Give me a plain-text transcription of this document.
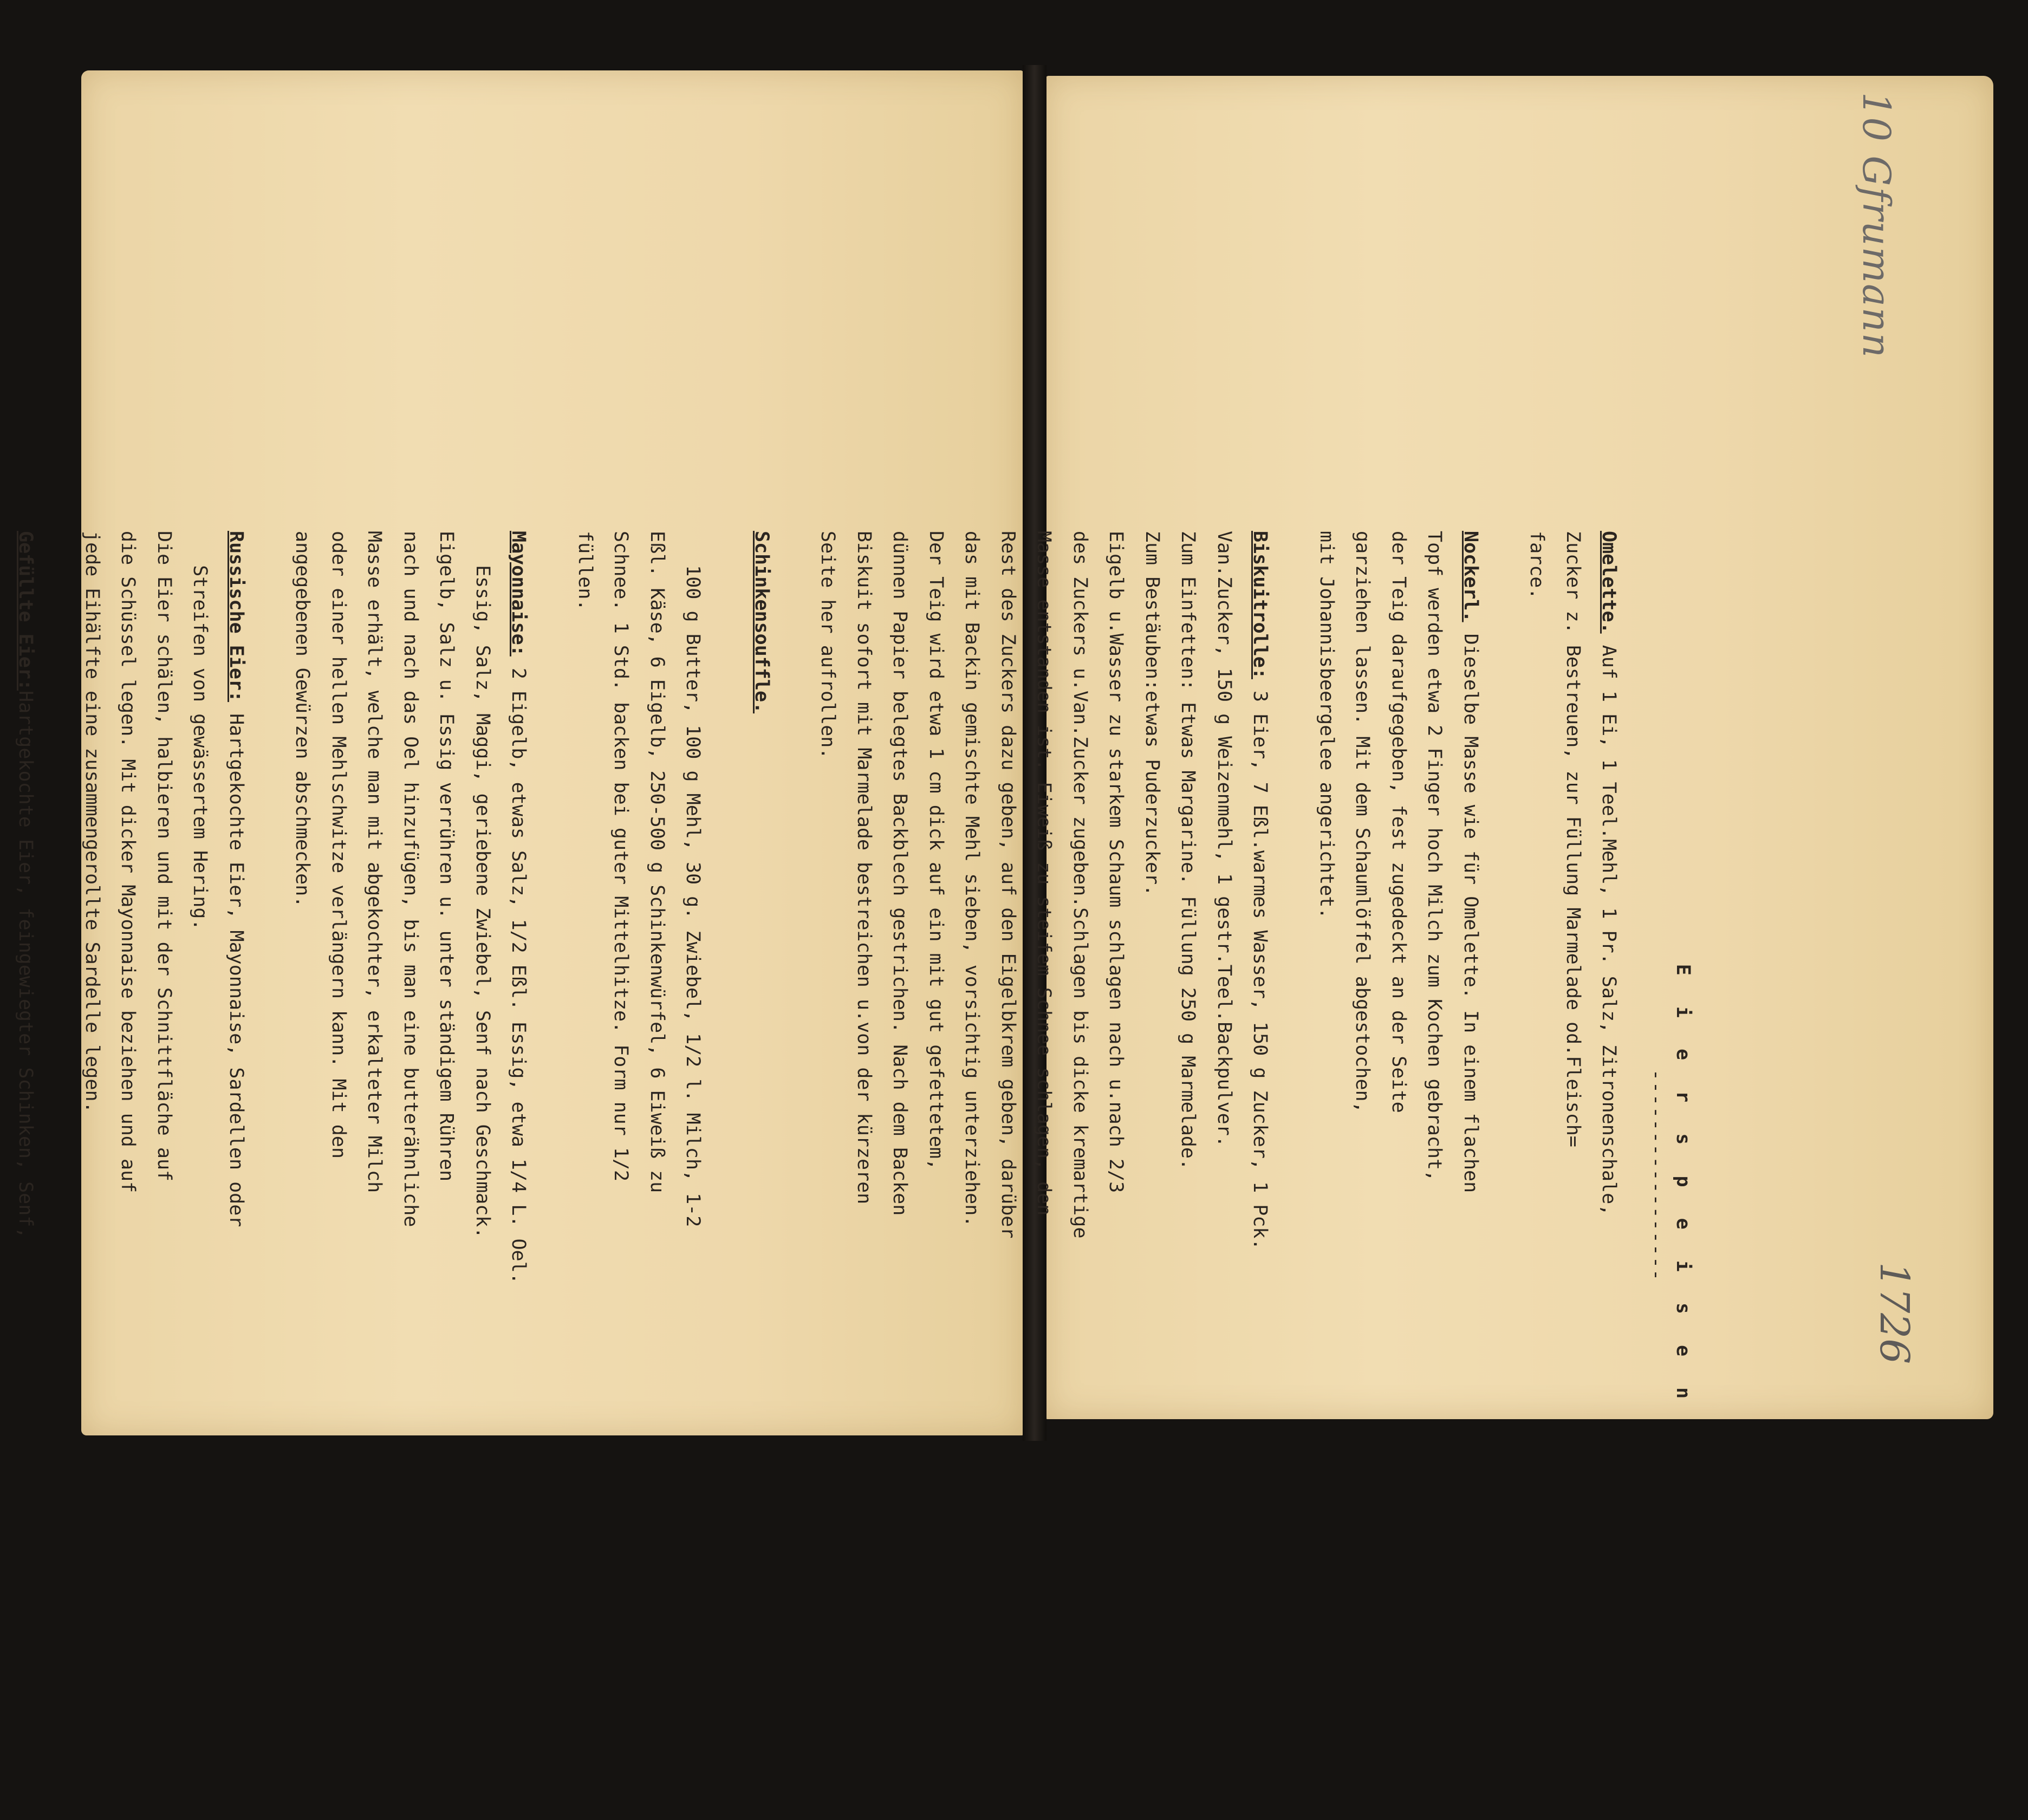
E i e r s p e i s e n

-----------------

Omelette. Auf 1 Ei, 1 Teel.Mehl, 1 Pr. Salz, Zitronenschale,
Zucker z. Bestreuen, zur Füllung Marmelade od.Fleisch=
farce.

Nockerl. Dieselbe Masse wie für Omelette. In einem flachen
Topf werden etwa 2 Finger hoch Milch zum Kochen gebracht,
der Teig daraufgegeben, fest zugedeckt an der Seite
garziehen lassen. Mit dem Schaumlöffel abgestochen,
mit Johannisbeergelee angerichtet.

Biskuitrolle: 3 Eier, 7 Eßl.warmes Wasser, 150 g Zucker, 1 Pck.
Van.Zucker, 150 g Weizenmehl, 1 gestr.Teel.Backpulver.
Zum Einfetten: Etwas Margarine. Füllung 250 g Marmelade.
Zum Bestäuben:etwas Puderzucker.
Eigelb u.Wasser zu starkem Schaum schlagen nach u.nach 2/3
des Zuckers u.Van.Zucker zugeben.Schlagen bis dicke kremartige
Masse entstanden ist. Eiweiß zu steifem Schnee schlagen, den
Rest des Zuckers dazu geben, auf den Eigelbkrem geben, darüber
das mit Backin gemischte Mehl sieben, vorsichtig unterziehen.
Der Teig wird etwa 1 cm dick auf ein mit gut gefettetem,
dünnen Papier belegtes Backblech gestrichen. Nach dem Backen
Biskuit sofort mit Marmelade bestreichen u.von der kürzeren
Seite her aufrollen.

Schinkensouffle.

100 g Butter, 100 g Mehl, 30 g. Zwiebel, 1/2 l. Milch, 1-2
Eßl. Käse, 6 Eigelb, 250-500 g Schinkenwürfel, 6 Eiweiß zu
Schnee. 1 Std. backen bei guter Mittelhitze. Form nur 1/2
füllen.

Mayonnaise: 2 Eigelb, etwas Salz, 1/2 Eßl. Essig, etwa 1/4 L. Oel.
Essig, Salz, Maggi, geriebene Zwiebel, Senf nach Geschmack.
Eigelb, Salz u. Essig verrühren u. unter ständigem Rühren
nach und nach das Oel hinzufügen, bis man eine butterähnliche
Masse erhält, welche man mit abgekochter, erkalteter Milch
oder einer hellen Mehlschwitze verlängern kann. Mit den
angegebenen Gewürzen abschmecken.

Russische Eier: Hartgekochte Eier, Mayonnaise, Sardellen oder
Streifen von gewässertem Hering.
Die Eier schälen, halbieren und mit der Schnittfläche auf
die Schüssel legen. Mit dicker Mayonnaise beziehen und auf
jede Eihälfte eine zusammengerollte Sardelle legen.

Gefüllte Eier:Hartgekochte Eier, feingewiegter Schinken, Senf,

10 Gfrumann
1726
